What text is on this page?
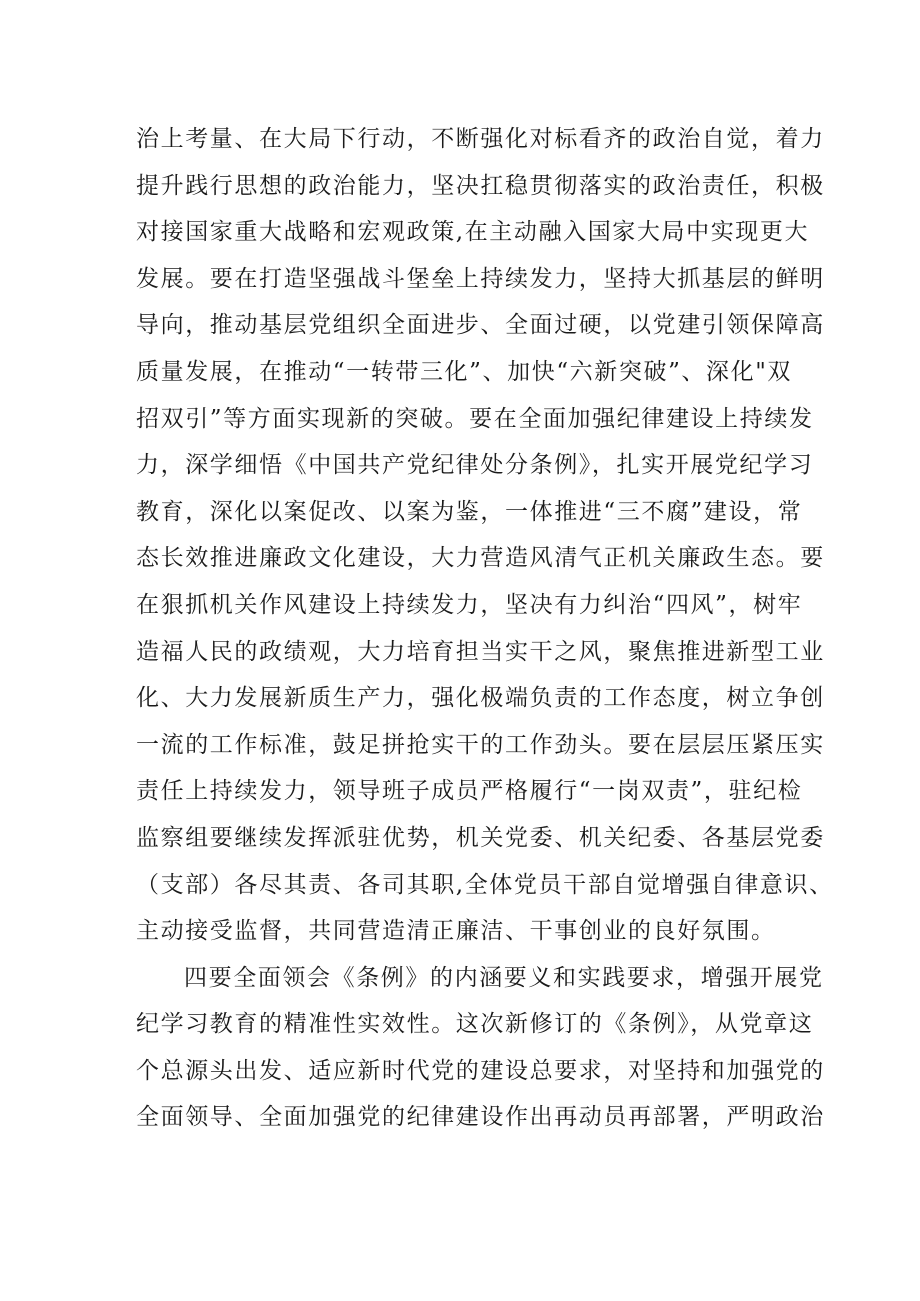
治上考量、在大局下行动，不断强化对标看齐的政治自觉，着力
提升践行思想的政治能力，坚决扛稳贯彻落实的政治责任，积极
对接国家重大战略和宏观政策,在主动融入国家大局中实现更大
发展。要在打造坚强战斗堡垒上持续发力，坚持大抓基层的鲜明
导向，推动基层党组织全面进步、全面过硬，以党建引领保障高
质量发展，在推动“一转带三化”、加快“六新突破”、深化"双
招双引”等方面实现新的突破。要在全面加强纪律建设上持续发
力，深学细悟《中国共产党纪律处分条例》，扎实开展党纪学习
教育，深化以案促改、以案为鉴，一体推进“三不腐”建设，常
态长效推进廉政文化建设，大力营造风清气正机关廉政生态。要
在狠抓机关作风建设上持续发力，坚决有力纠治“四风”，树牢
造福人民的政绩观，大力培育担当实干之风，聚焦推进新型工业
化、大力发展新质生产力，强化极端负责的工作态度，树立争创
一流的工作标准，鼓足拼抢实干的工作劲头。要在层层压紧压实
责任上持续发力，领导班子成员严格履行“一岗双责”，驻纪检
监察组要继续发挥派驻优势，机关党委、机关纪委、各基层党委
（支部）各尽其责、各司其职,全体党员干部自觉增强自律意识、
主动接受监督，共同营造清正廉洁、干事创业的良好氛围。
四要全面领会《条例》的内涵要义和实践要求，增强开展党
纪学习教育的精准性实效性。这次新修订的《条例》，从党章这
个总源头出发、适应新时代党的建设总要求，对坚持和加强党的
全面领导、全面加强党的纪律建设作出再动员再部署，严明政治
